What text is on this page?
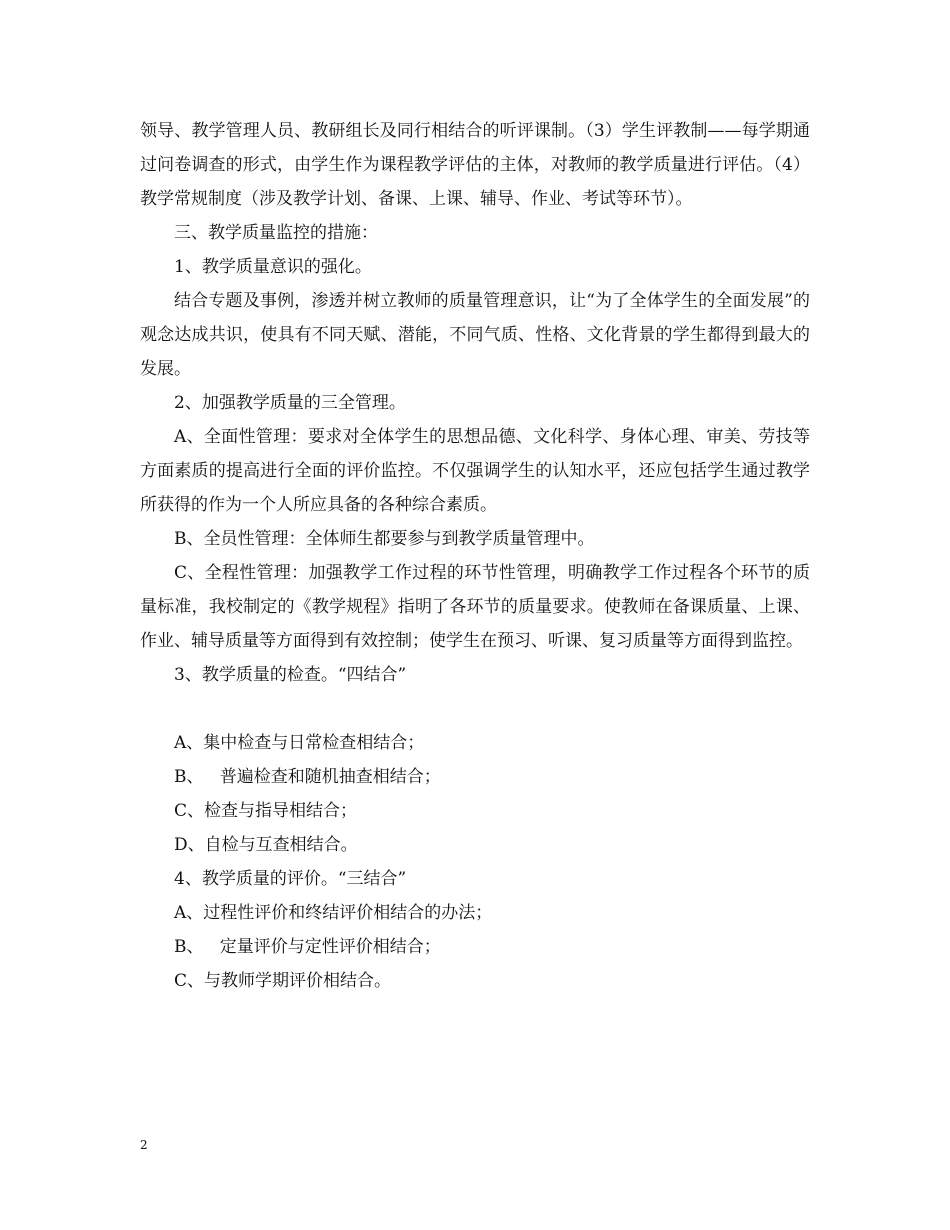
领导、教学管理人员、教研组长及同行相结合的听评课制。（3）学生评教制——每学期通过问卷调查的形式，由学生作为课程教学评估的主体，对教师的教学质量进行评估。（4）教学常规制度（涉及教学计划、备课、上课、辅导、作业、考试等环节）。

三、教学质量监控的措施：

1、教学质量意识的强化。

结合专题及事例，渗透并树立教师的质量管理意识，让“为了全体学生的全面发展”的观念达成共识，使具有不同天赋、潜能，不同气质、性格、文化背景的学生都得到最大的发展。

2、加强教学质量的三全管理。

A、全面性管理：要求对全体学生的思想品德、文化科学、身体心理、审美、劳技等方面素质的提高进行全面的评价监控。不仅强调学生的认知水平，还应包括学生通过教学所获得的作为一个人所应具备的各种综合素质。

B、全员性管理：全体师生都要参与到教学质量管理中。

C、全程性管理：加强教学工作过程的环节性管理，明确教学工作过程各个环节的质量标准，我校制定的《教学规程》指明了各环节的质量要求。使教师在备课质量、上课、作业、辅导质量等方面得到有效控制；使学生在预习、听课、复习质量等方面得到监控。

3、教学质量的检查。“四结合”

A、集中检查与日常检查相结合；

B、   普遍检查和随机抽查相结合；

C、检查与指导相结合；

D、自检与互查相结合。

4、教学质量的评价。“三结合”

A、过程性评价和终结评价相结合的办法；

B、   定量评价与定性评价相结合；

C、与教师学期评价相结合。

2
